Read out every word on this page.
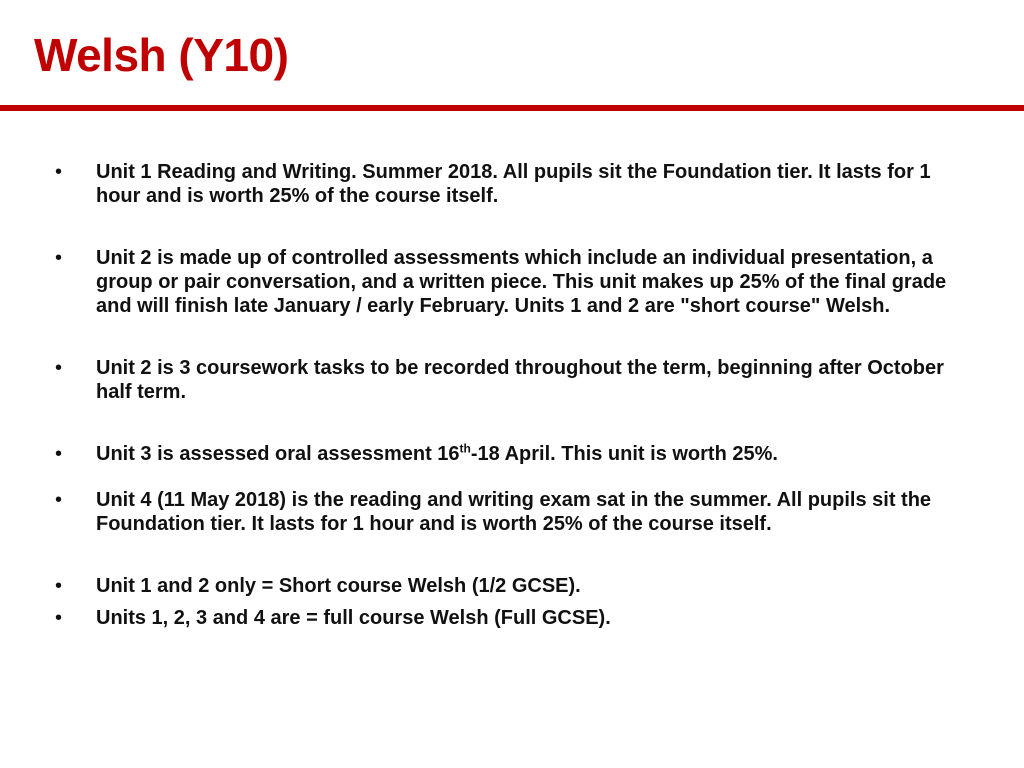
Welsh (Y10)
• Unit 1 Reading and Writing. Summer 2018. All pupils sit the Foundation tier. It lasts for 1 hour and is worth 25% of the course itself.
• Unit 2 is made up of controlled assessments which include an individual presentation, a group or pair conversation, and a written piece. This unit makes up 25% of the final grade and will finish late January / early February. Units 1 and 2 are "short course" Welsh.
• Unit 2 is 3 coursework tasks to be recorded throughout the term, beginning after October half term.
• Unit 3 is assessed oral assessment 16th-18 April. This unit is worth 25%.
• Unit 4 (11 May 2018) is the reading and writing exam sat in the summer. All pupils sit the Foundation tier. It lasts for 1 hour and is worth 25% of the course itself.
• Unit 1 and 2 only = Short course Welsh (1/2 GCSE).
• Units 1, 2, 3 and 4 are = full course Welsh (Full GCSE).
